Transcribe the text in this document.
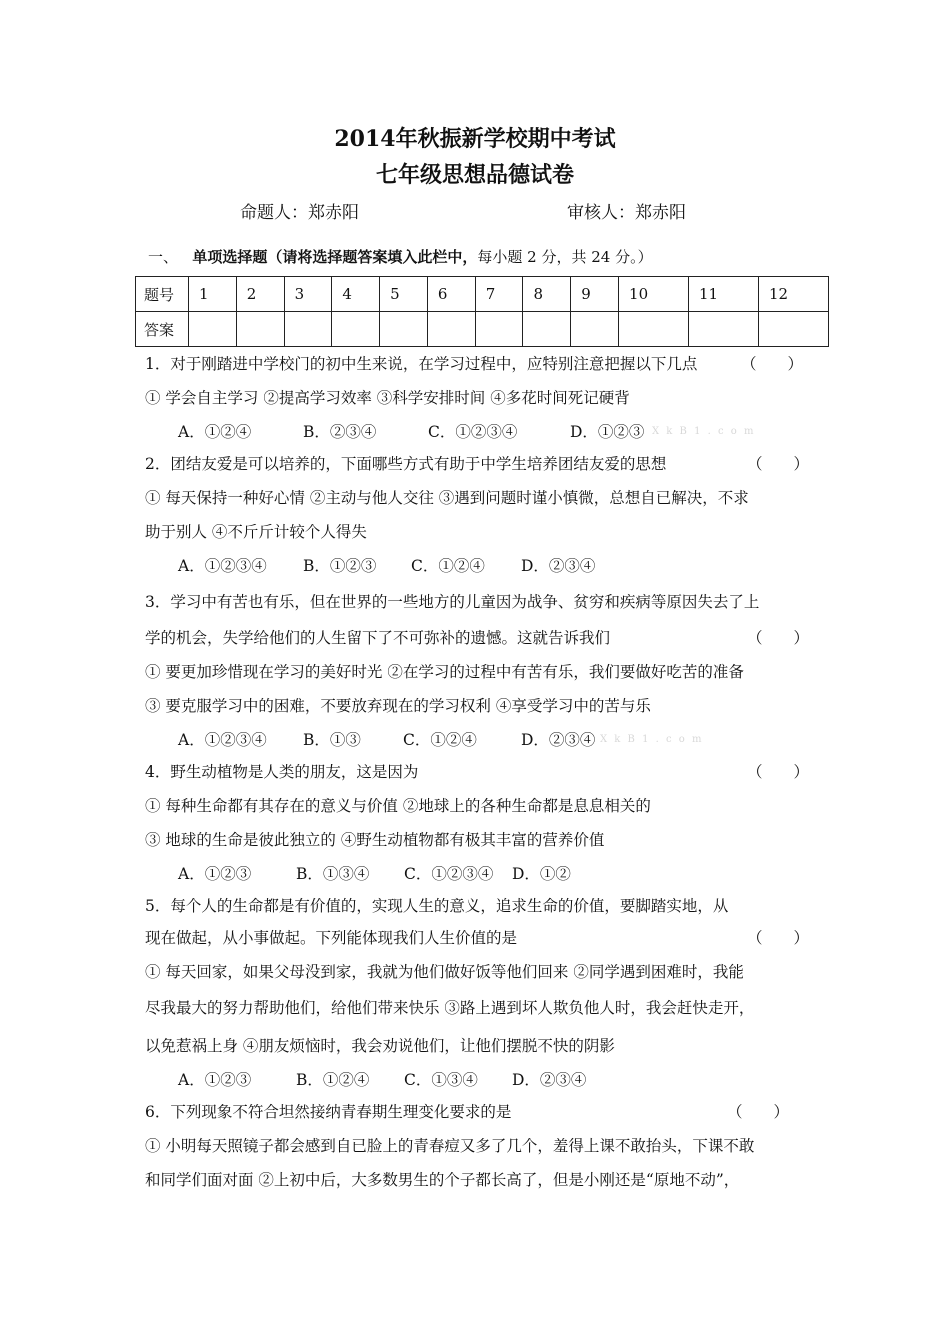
2014年秋振新学校期中考试
七年级思想品德试卷
命题人：郑赤阳	审核人：郑赤阳
一、 单项选择题（请将选择题答案填入此栏中，每小题 2 分，共 24 分。）
题号	1	2	3	4	5	6	7	8	9	10	11	12
答案												
1．对于刚踏进中学校门的初中生来说，在学习过程中，应特别注意把握以下几点	（　　）
① 学会自主学习 ②提高学习效率 ③科学安排时间 ④多花时间死记硬背
A．①②④	B．②③④	C．①②③④	D．①②③ X k B 1 . c o m
2．团结友爱是可以培养的，下面哪些方式有助于中学生培养团结友爱的思想	（　　）
① 每天保持一种好心情 ②主动与他人交往 ③遇到问题时谨小慎微，总想自已解决，不求
助于别人 ④不斤斤计较个人得失
A．①②③④ B．①②③ C．①②④ D．②③④
3．学习中有苦也有乐，但在世界的一些地方的儿童因为战争、贫穷和疾病等原因失去了上
学的机会，失学给他们的人生留下了不可弥补的遗憾。这就告诉我们	（　　）
① 要更加珍惜现在学习的美好时光 ②在学习的过程中有苦有乐，我们要做好吃苦的准备
③ 要克服学习中的困难，不要放弃现在的学习权利 ④享受学习中的苦与乐
A．①②③④ B．①③	C．①②④	D．②③④ X k B 1 . c o m
4．野生动植物是人类的朋友，这是因为	（　　）
① 每种生命都有其存在的意义与价值 ②地球上的各种生命都是息息相关的
③ 地球的生命是彼此独立的 ④野生动植物都有极其丰富的营养价值
A．①②③	B．①③④ C．①②③④ D．①②
5．每个人的生命都是有价值的，实现人生的意义，追求生命的价值，要脚踏实地，从
现在做起，从小事做起。下列能体现我们人生价值的是	（　　）
① 每天回家，如果父母没到家，我就为他们做好饭等他们回来 ②同学遇到困难时，我能
尽我最大的努力帮助他们，给他们带来快乐 ③路上遇到坏人欺负他人时，我会赶快走开，
以免惹祸上身 ④朋友烦恼时，我会劝说他们，让他们摆脱不快的阴影
A．①②③	B．①②④ C．①③④ D．②③④
6．下列现象不符合坦然接纳青春期生理变化要求的是	（　　）
① 小明每天照镜子都会感到自已脸上的青春痘又多了几个，羞得上课不敢抬头，下课不敢
和同学们面对面 ②上初中后，大多数男生的个子都长高了，但是小刚还是“原地不动”，
